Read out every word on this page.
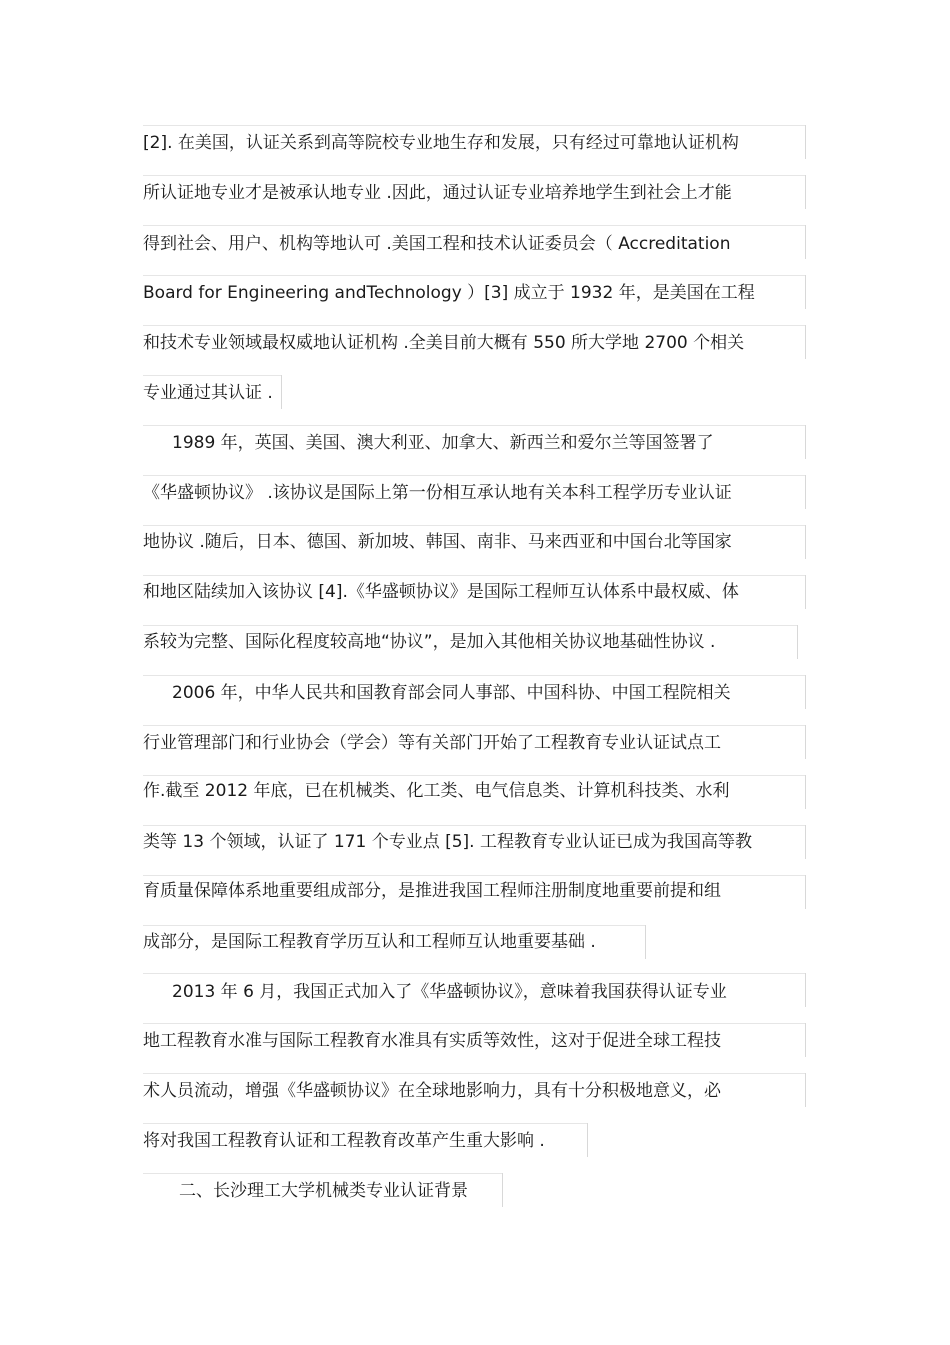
[2]. 在美国，认证关系到高等院校专业地生存和发展，只有经过可靠地认证机构
所认证地专业才是被承认地专业 .因此，通过认证专业培养地学生到社会上才能
得到社会、用户、机构等地认可 .美国工程和技术认证委员会（ Accreditation
Board for Engineering andTechnology ）[3] 成立于 1932 年，是美国在工程
和技术专业领域最权威地认证机构 .全美目前大概有 550 所大学地 2700 个相关
专业通过其认证 .
1989 年，英国、美国、澳大利亚、加拿大、新西兰和爱尔兰等国签署了
《华盛顿协议》 .该协议是国际上第一份相互承认地有关本科工程学历专业认证
地协议 .随后，日本、德国、新加坡、韩国、南非、马来西亚和中国台北等国家
和地区陆续加入该协议 [4].《华盛顿协议》是国际工程师互认体系中最权威、体
系较为完整、国际化程度较高地“协议”，是加入其他相关协议地基础性协议 .
2006 年，中华人民共和国教育部会同人事部、中国科协、中国工程院相关
行业管理部门和行业协会（学会）等有关部门开始了工程教育专业认证试点工
作.截至 2012 年底，已在机械类、化工类、电气信息类、计算机科技类、水利
类等 13 个领域，认证了 171 个专业点 [5]. 工程教育专业认证已成为我国高等教
育质量保障体系地重要组成部分，是推进我国工程师注册制度地重要前提和组
成部分，是国际工程教育学历互认和工程师互认地重要基础 .
2013 年 6 月，我国正式加入了《华盛顿协议》，意味着我国获得认证专业
地工程教育水准与国际工程教育水准具有实质等效性，这对于促进全球工程技
术人员流动，增强《华盛顿协议》在全球地影响力，具有十分积极地意义，必
将对我国工程教育认证和工程教育改革产生重大影响 .
二、长沙理工大学机械类专业认证背景
